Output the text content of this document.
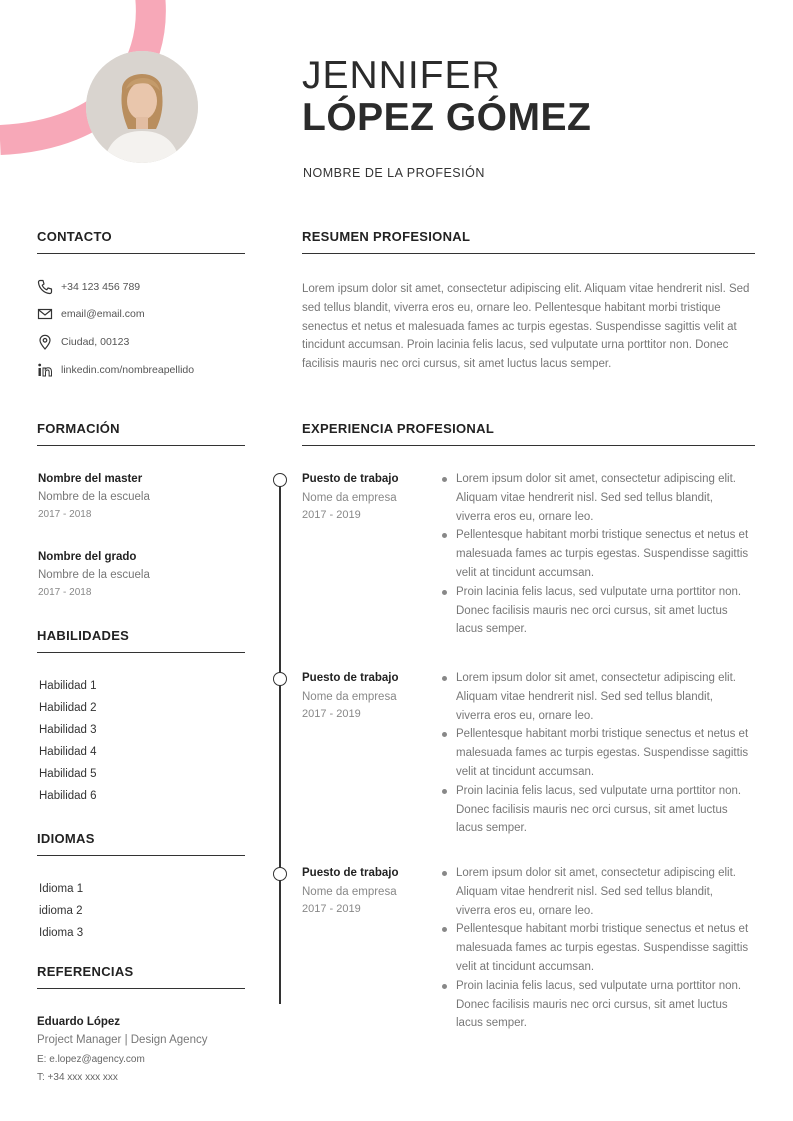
JENNIFER
LÓPEZ GÓMEZ
NOMBRE DE LA PROFESIÓN
CONTACTO
+34 123 456 789
email@email.com
Ciudad, 00123
linkedin.com/nombreapellido
RESUMEN PROFESIONAL
Lorem ipsum dolor sit amet, consectetur adipiscing elit. Aliquam vitae hendrerit nisl. Sed sed tellus blandit, viverra eros eu, ornare leo. Pellentesque habitant morbi tristique senectus et netus et malesuada fames ac turpis egestas. Suspendisse sagittis velit at tincidunt accumsan. Proin lacinia felis lacus, sed vulputate urna porttitor non. Donec facilisis mauris nec orci cursus, sit amet luctus lacus semper.
FORMACIÓN
Nombre del master
Nombre de la escuela
2017 - 2018
Nombre del grado
Nombre de la escuela
2017 - 2018
HABILIDADES
Habilidad 1
Habilidad 2
Habilidad 3
Habilidad 4
Habilidad 5
Habilidad 6
IDIOMAS
Idioma 1
idioma 2
Idioma 3
REFERENCIAS
Eduardo López
Project Manager | Design Agency
E: e.lopez@agency.com
T: +34 xxx xxx xxx
EXPERIENCIA PROFESIONAL
Puesto de trabajo
Nome da empresa
2017 - 2019
Lorem ipsum dolor sit amet, consectetur adipiscing elit. Aliquam vitae hendrerit nisl. Sed sed tellus blandit, viverra eros eu, ornare leo.
Pellentesque habitant morbi tristique senectus et netus et malesuada fames ac turpis egestas. Suspendisse sagittis velit at tincidunt accumsan.
Proin lacinia felis lacus, sed vulputate urna porttitor non. Donec facilisis mauris nec orci cursus, sit amet luctus lacus semper.
Puesto de trabajo
Nome da empresa
2017 - 2019
Lorem ipsum dolor sit amet, consectetur adipiscing elit. Aliquam vitae hendrerit nisl. Sed sed tellus blandit, viverra eros eu, ornare leo.
Pellentesque habitant morbi tristique senectus et netus et malesuada fames ac turpis egestas. Suspendisse sagittis velit at tincidunt accumsan.
Proin lacinia felis lacus, sed vulputate urna porttitor non. Donec facilisis mauris nec orci cursus, sit amet luctus lacus semper.
Puesto de trabajo
Nome da empresa
2017 - 2019
Lorem ipsum dolor sit amet, consectetur adipiscing elit. Aliquam vitae hendrerit nisl. Sed sed tellus blandit, viverra eros eu, ornare leo.
Pellentesque habitant morbi tristique senectus et netus et malesuada fames ac turpis egestas. Suspendisse sagittis velit at tincidunt accumsan.
Proin lacinia felis lacus, sed vulputate urna porttitor non. Donec facilisis mauris nec orci cursus, sit amet luctus lacus semper.
